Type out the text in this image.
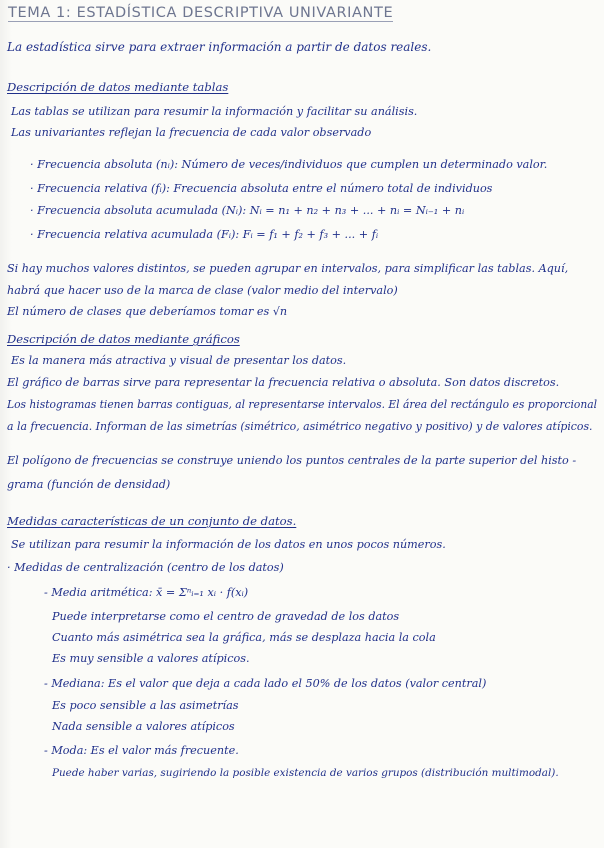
TEMA 1: ESTADÍSTICA DESCRIPTIVA UNIVARIANTE
La estadística sirve para extraer información a partir de datos reales.
Descripción de datos mediante tablas
Las tablas se utilizan para resumir la información y facilitar su análisis.
Las univariantes reflejan la frecuencia de cada valor observado
· Frecuencia absoluta (nᵢ): Número de veces/individuos que cumplen un determinado valor.
· Frecuencia relativa (fᵢ): Frecuencia absoluta entre el número total de individuos
· Frecuencia absoluta acumulada (Nᵢ): Nᵢ = n₁ + n₂ + n₃ + ... + nᵢ = Nᵢ₋₁ + nᵢ
· Frecuencia relativa acumulada (Fᵢ): Fᵢ = f₁ + f₂ + f₃ + ... + fᵢ
Si hay muchos valores distintos, se pueden agrupar en intervalos, para simplificar las tablas. Aquí,
habrá que hacer uso de la marca de clase (valor medio del intervalo)
El número de clases que deberíamos tomar es √n
Descripción de datos mediante gráficos
Es la manera más atractiva y visual de presentar los datos.
El gráfico de barras sirve para representar la frecuencia relativa o absoluta. Son datos discretos.
Los histogramas tienen barras contiguas, al representarse intervalos. El área del rectángulo es proporcional
a la frecuencia. Informan de las simetrías (simétrico, asimétrico negativo y positivo) y de valores atípicos.
El polígono de frecuencias se construye uniendo los puntos centrales de la parte superior del histo -
grama (función de densidad)
Medidas características de un conjunto de datos.
Se utilizan para resumir la información de los datos en unos pocos números.
· Medidas de centralización (centro de los datos)
- Media aritmética: x̄ = Σⁿᵢ₌₁ xᵢ · f(xᵢ)
Puede interpretarse como el centro de gravedad de los datos
Cuanto más asimétrica sea la gráfica, más se desplaza hacia la cola
Es muy sensible a valores atípicos.
- Mediana: Es el valor que deja a cada lado el 50% de los datos (valor central)
Es poco sensible a las asimetrías
Nada sensible a valores atípicos
- Moda: Es el valor más frecuente.
Puede haber varias, sugiriendo la posible existencia de varios grupos (distribución multimodal).
